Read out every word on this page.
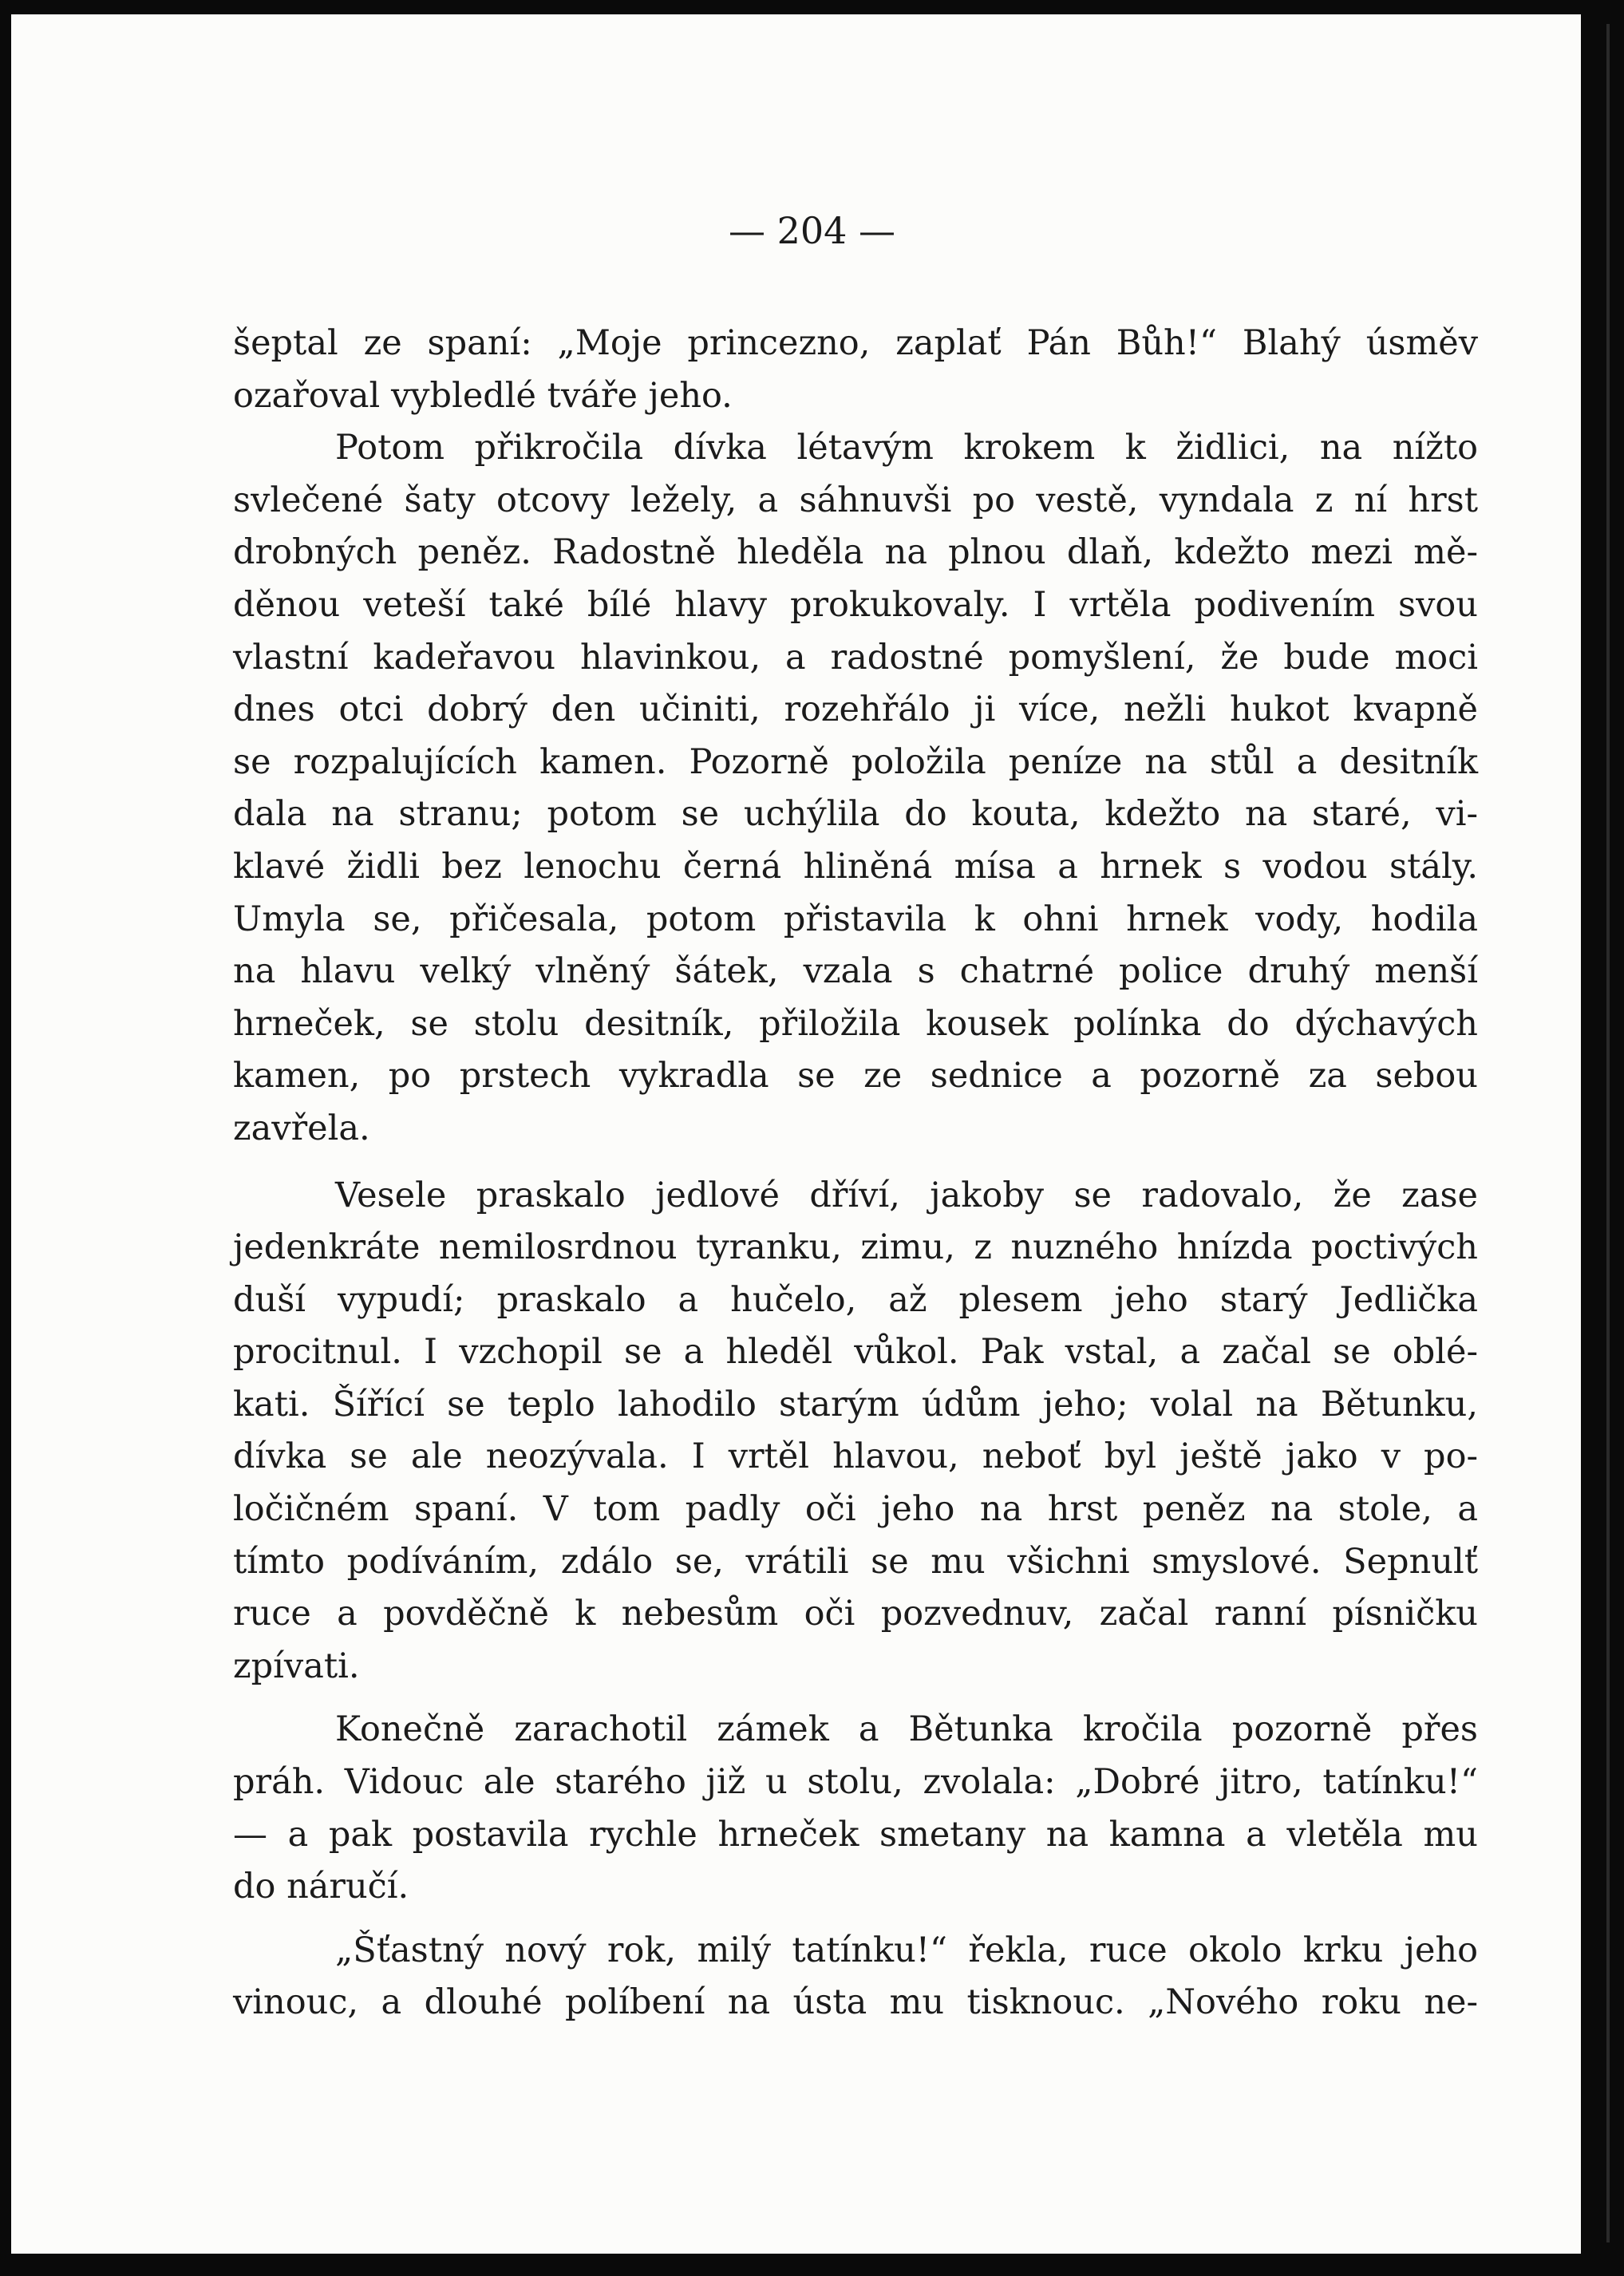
— 204 —

šeptal ze spaní: „Moje princezno, zaplať Pán Bůh!“ Blahý úsměv
ozařoval vybledlé tváře jeho.

Potom přikročila dívka létavým krokem k židlici, na nížto
svlečené šaty otcovy ležely, a sáhnuvši po vestě, vyndala z ní hrst
drobných peněz. Radostně hleděla na plnou dlaň, kdežto mezi mě-
děnou veteší také bílé hlavy prokukovaly. I vrtěla podivením svou
vlastní kadeřavou hlavinkou, a radostné pomyšlení, že bude moci
dnes otci dobrý den učiniti, rozehřálo ji více, nežli hukot kvapně
se rozpalujících kamen. Pozorně položila peníze na stůl a desitník
dala na stranu; potom se uchýlila do kouta, kdežto na staré, vi-
klavé židli bez lenochu černá hliněná mísa a hrnek s vodou stály.
Umyla se, přičesala, potom přistavila k ohni hrnek vody, hodila
na hlavu velký vlněný šátek, vzala s chatrné police druhý menší
hrneček, se stolu desitník, přiložila kousek polínka do dýchavých
kamen, po prstech vykradla se ze sednice a pozorně za sebou
zavřela.

Vesele praskalo jedlové dříví, jakoby se radovalo, že zase
jedenkráte nemilosrdnou tyranku, zimu, z nuzného hnízda poctivých
duší vypudí; praskalo a hučelo, až plesem jeho starý Jedlička
procitnul. I vzchopil se a hleděl vůkol. Pak vstal, a začal se oblé-
kati. Šířící se teplo lahodilo starým údům jeho; volal na Bětunku,
dívka se ale neozývala. I vrtěl hlavou, neboť byl ještě jako v po-
ločičném spaní. V tom padly oči jeho na hrst peněz na stole, a
tímto podíváním, zdálo se, vrátili se mu všichni smyslové. Sepnulť
ruce a povděčně k nebesům oči pozvednuv, začal ranní písničku
zpívati.

Konečně zarachotil zámek a Bětunka kročila pozorně přes
práh. Vidouc ale starého již u stolu, zvolala: „Dobré jitro, tatínku!“
— a pak postavila rychle hrneček smetany na kamna a vletěla mu
do náručí.

„Šťastný nový rok, milý tatínku!“ řekla, ruce okolo krku jeho
vinouc, a dlouhé políbení na ústa mu tisknouc. „Nového roku ne-
